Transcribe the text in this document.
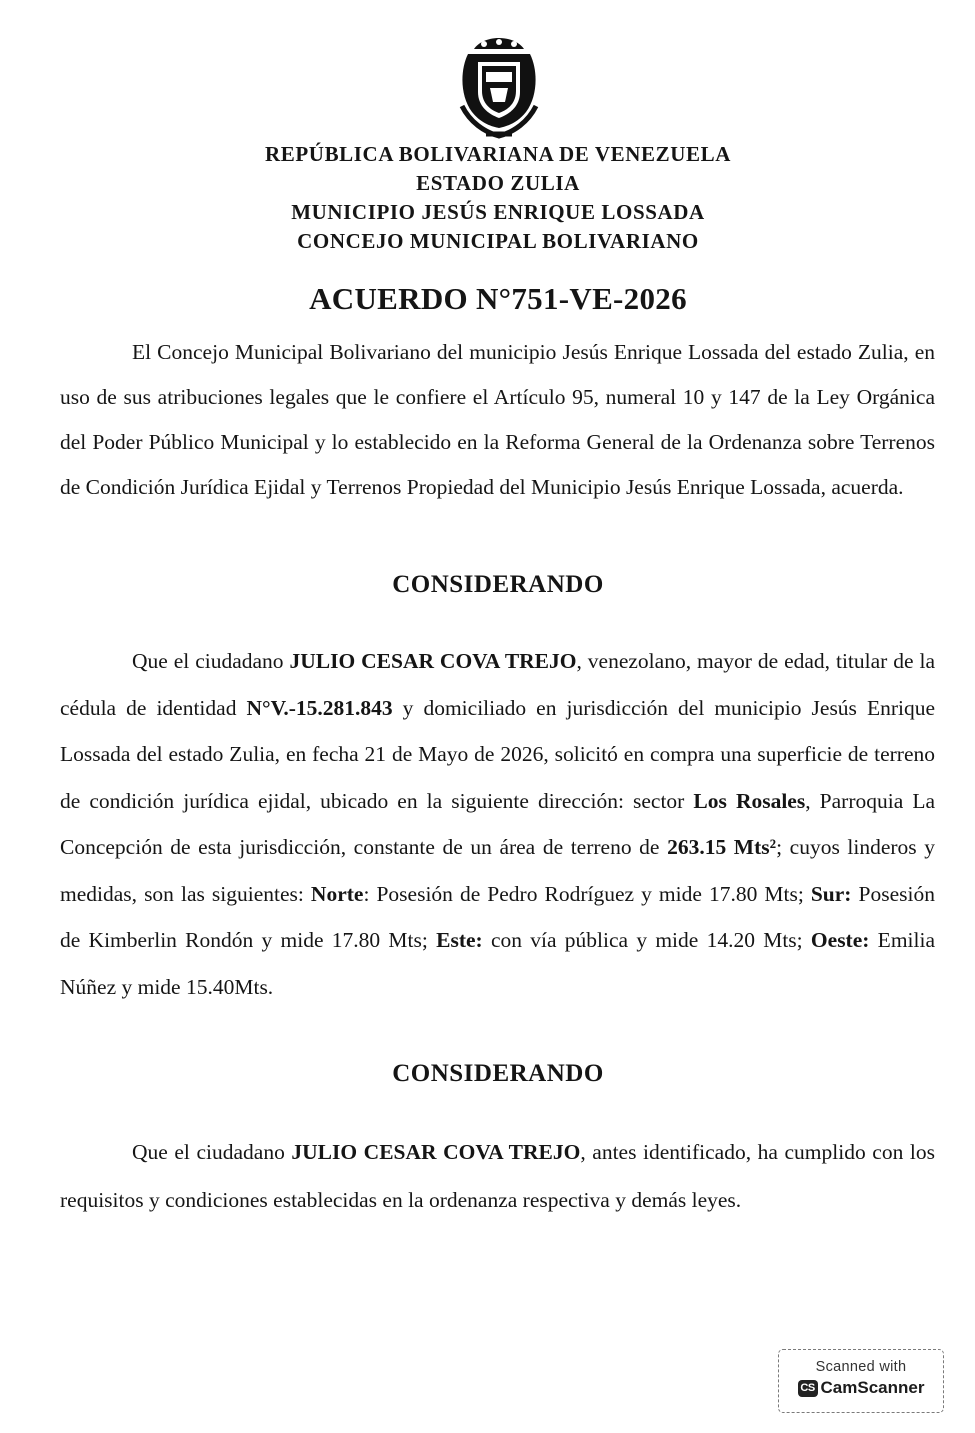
REPÚBLICA BOLIVARIANA DE VENEZUELA
ESTADO ZULIA
MUNICIPIO JESÚS ENRIQUE LOSSADA
CONCEJO MUNICIPAL BOLIVARIANO
ACUERDO N°751-VE-2026

El Concejo Municipal Bolivariano del municipio Jesús Enrique Lossada del estado Zulia, en uso de sus atribuciones legales que le confiere el Artículo 95, numeral 10 y 147 de la Ley Orgánica del Poder Público Municipal y lo establecido en la Reforma General de la Ordenanza sobre Terrenos de Condición Jurídica Ejidal y Terrenos Propiedad del Municipio Jesús Enrique Lossada, acuerda.

CONSIDERANDO

Que el ciudadano JULIO CESAR COVA TREJO, venezolano, mayor de edad, titular de la cédula de identidad N°V.-15.281.843 y domiciliado en jurisdicción del municipio Jesús Enrique Lossada del estado Zulia, en fecha 21 de Mayo de 2026, solicitó en compra una superficie de terreno de condición jurídica ejidal, ubicado en la siguiente dirección: sector Los Rosales, Parroquia La Concepción de esta jurisdicción, constante de un área de terreno de 263.15 Mts²; cuyos linderos y medidas, son las siguientes: Norte: Posesión de Pedro Rodríguez y mide 17.80 Mts; Sur: Posesión de Kimberlin Rondón y mide 17.80 Mts; Este: con vía pública y mide 14.20 Mts; Oeste: Emilia Núñez y mide 15.40Mts.

CONSIDERANDO

Que el ciudadano JULIO CESAR COVA TREJO, antes identificado, ha cumplido con los requisitos y condiciones establecidas en la ordenanza respectiva y demás leyes.

Scanned with
CS CamScanner
